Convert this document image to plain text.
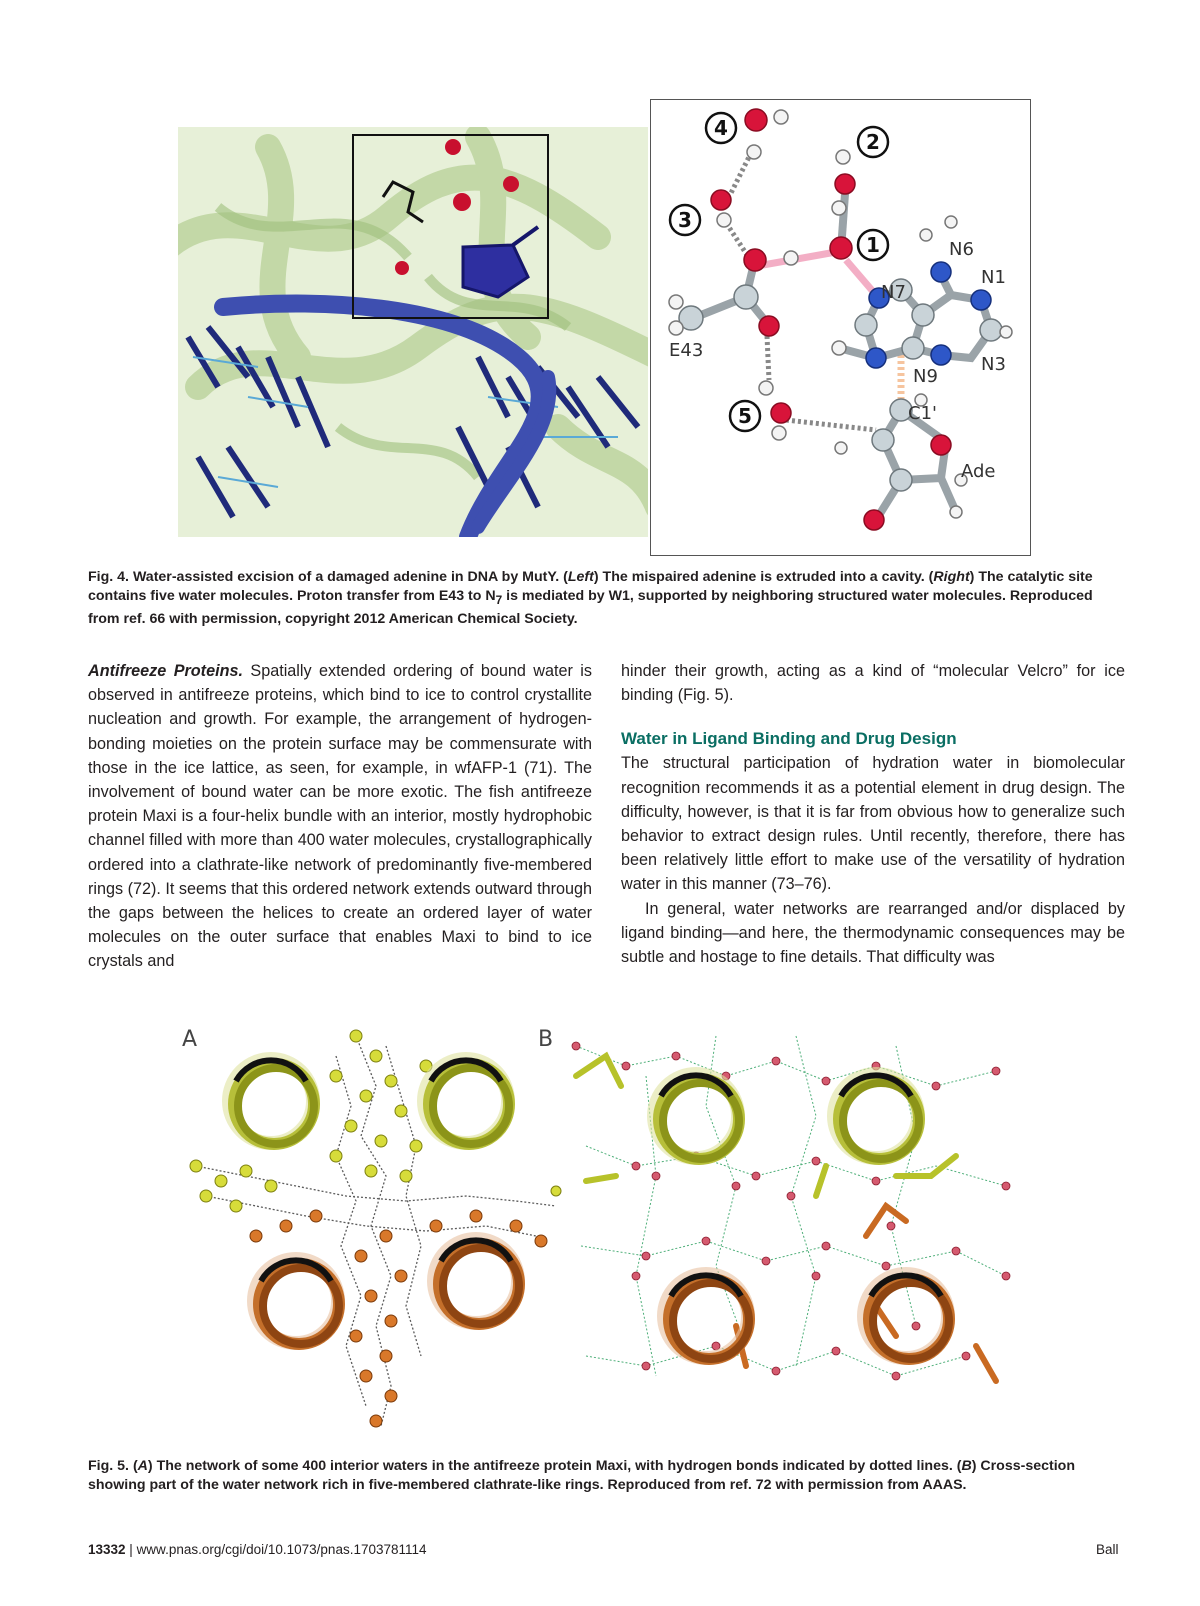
4
2
3
1
5
E43
N6
N1
N7
N3
N9
C1'
Ade
Fig. 4. Water-assisted excision of a damaged adenine in DNA by MutY. (Left) The mispaired adenine is extruded into a cavity. (Right) The catalytic site contains five water molecules. Proton transfer from E43 to $N_7$ is mediated by W1, supported by neighboring structured water molecules. Reproduced from ref. 66 with permission, copyright 2012 American Chemical Society.

Antifreeze Proteins. Spatially extended ordering of bound water is observed in antifreeze proteins, which bind to ice to control crystallite nucleation and growth. For example, the arrangement of hydrogen-bonding moieties on the protein surface may be commensurate with those in the ice lattice, as seen, for example, in wfAFP-1 (71). The involvement of bound water can be more exotic. The fish antifreeze protein Maxi is a four-helix bundle with an interior, mostly hydrophobic channel filled with more than 400 water molecules, crystallographically ordered into a clathrate-like network of predominantly five-membered rings (72). It seems that this ordered network extends outward through the gaps between the helices to create an ordered layer of water molecules on the outer surface that enables Maxi to bind to ice crystals and

hinder their growth, acting as a kind of “molecular Velcro” for ice binding (Fig. 5).

Water in Ligand Binding and Drug Design

The structural participation of hydration water in biomolecular recognition recommends it as a potential element in drug design. The difficulty, however, is that it is far from obvious how to generalize such behavior to extract design rules. Until recently, therefore, there has been relatively little effort to make use of the versatility of hydration water in this manner (73–76).

In general, water networks are rearranged and/or displaced by ligand binding—and here, the thermodynamic consequences may be subtle and hostage to fine details. That difficulty was

A	B
Fig. 5. (A) The network of some 400 interior waters in the antifreeze protein Maxi, with hydrogen bonds indicated by dotted lines. (B) Cross-section showing part of the water network rich in five-membered clathrate-like rings. Reproduced from ref. 72 with permission from AAAS.
13332 | www.pnas.org/cgi/doi/10.1073/pnas.1703781114	Ball
